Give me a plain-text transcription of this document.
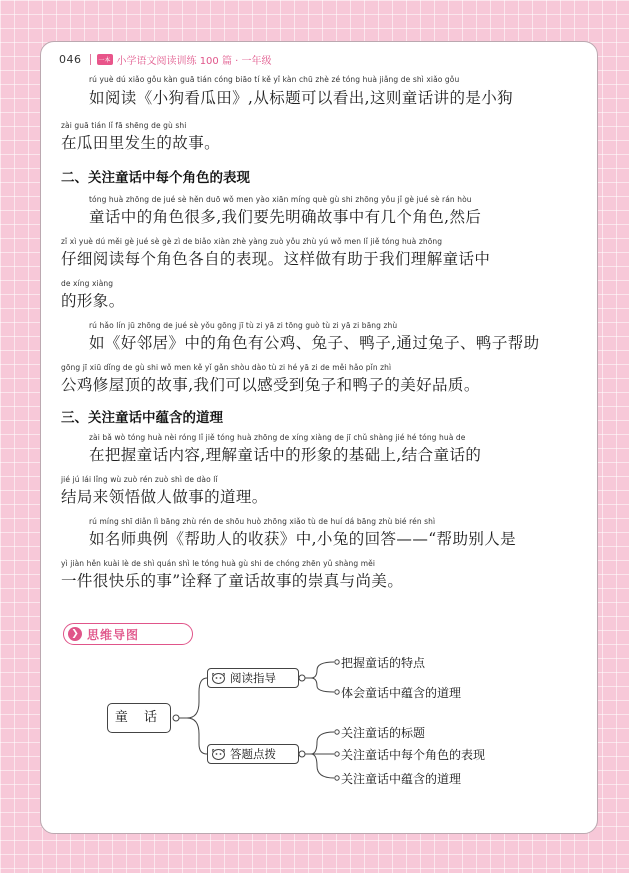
046	一本 小学语文阅读训练 100 篇 · 一年级
rú yuè dú xiǎo gǒu kàn guā tián cóng biāo tí kě yǐ kàn chū zhè zé tóng huà jiǎng de shì xiǎo gǒu
如阅读《小狗看瓜田》,从标题可以看出,这则童话讲的是小狗
zài guā tián lǐ fā shēng de gù shi
在瓜田里发生的故事。
二、关注童话中每个角色的表现
tóng huà zhōng de jué sè hěn duō wǒ men yào xiān míng què gù shi zhōng yǒu jǐ gè jué sè rán hòu
童话中的角色很多,我们要先明确故事中有几个角色,然后
zǐ xì yuè dú měi gè jué sè gè zì de biǎo xiàn zhè yàng zuò yǒu zhù yú wǒ men lǐ jiě tóng huà zhōng
仔细阅读每个角色各自的表现。这样做有助于我们理解童话中
de xíng xiàng
的形象。
rú hǎo lín jū zhōng de jué sè yǒu gōng jī tù zi yā zi tōng guò tù zi yā zi bāng zhù
如《好邻居》中的角色有公鸡、兔子、鸭子,通过兔子、鸭子帮助
gōng jī xiū dǐng de gù shi wǒ men kě yǐ gǎn shòu dào tù zi hé yā zi de měi hǎo pǐn zhì
公鸡修屋顶的故事,我们可以感受到兔子和鸭子的美好品质。
三、关注童话中蕴含的道理
zài bǎ wò tóng huà nèi róng lǐ jiě tóng huà zhōng de xíng xiàng de jī chǔ shàng jié hé tóng huà de
在把握童话内容,理解童话中的形象的基础上,结合童话的
jié jú lái lǐng wù zuò rén zuò shì de dào lǐ
结局来领悟做人做事的道理。
rú míng shī diǎn lì bāng zhù rén de shōu huò zhōng xiǎo tù de huí dá bāng zhù bié rén shì
如名师典例《帮助人的收获》中,小兔的回答——“帮助别人是
yì jiàn hěn kuài lè de shì quán shì le tóng huà gù shi de chóng zhēn yǔ shàng měi
一件很快乐的事”诠释了童话故事的崇真与尚美。
❯ 思维导图
童 话
阅读指导
答题点拨
把握童话的特点
体会童话中蕴含的道理
关注童话的标题
关注童话中每个角色的表现
关注童话中蕴含的道理
